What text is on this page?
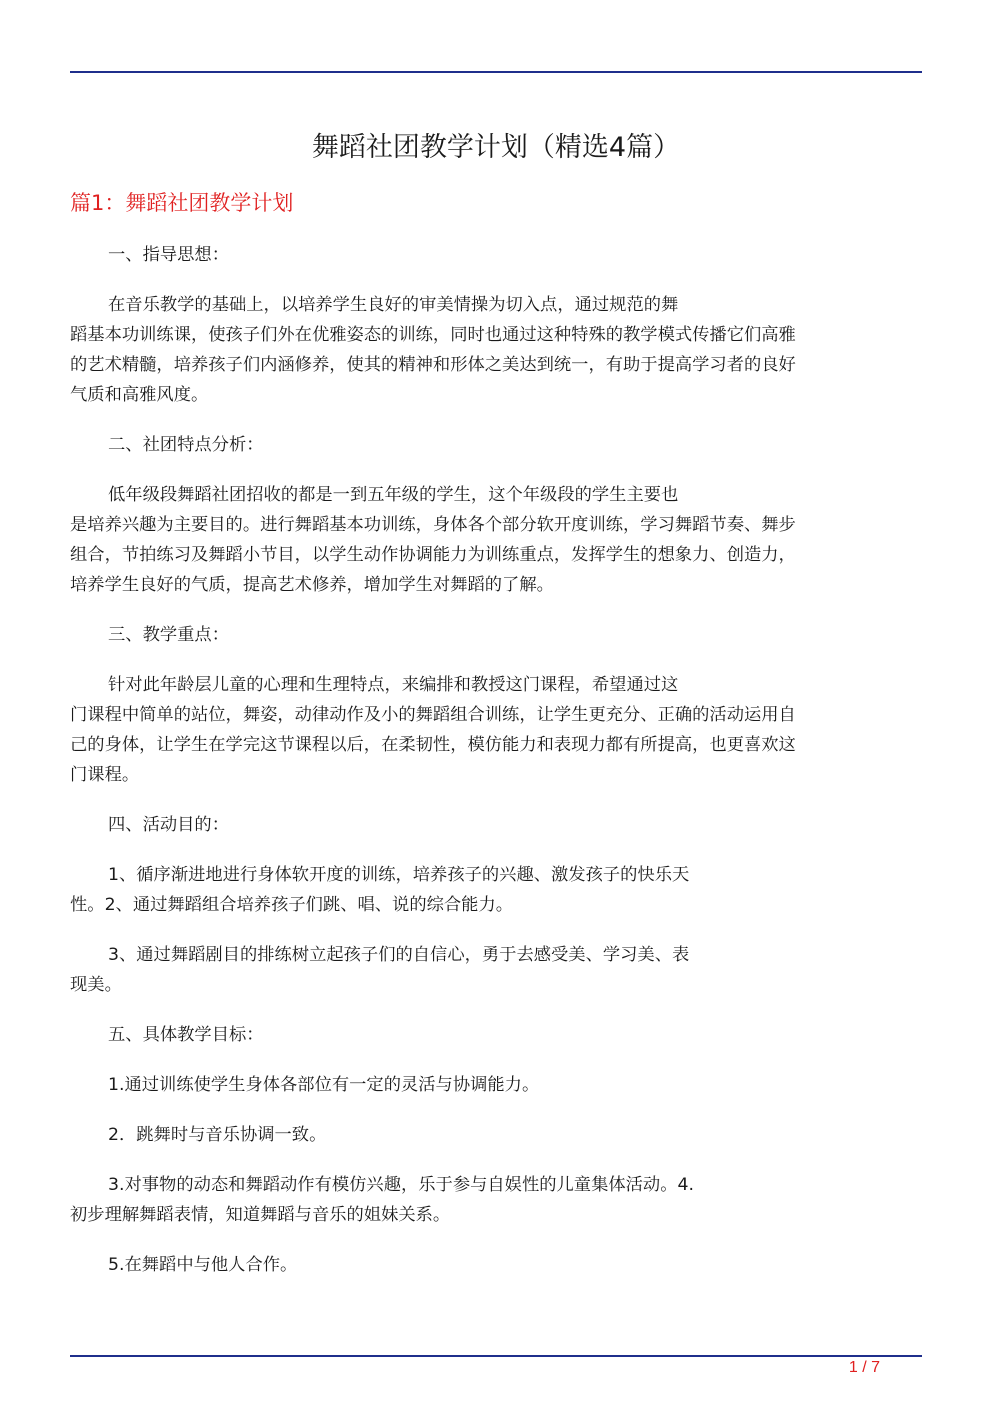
舞蹈社团教学计划（精选4篇）
篇1：舞蹈社团教学计划

一、指导思想：

在音乐教学的基础上，以培养学生良好的审美情操为切入点，通过规范的舞
蹈基本功训练课，使孩子们外在优雅姿态的训练，同时也通过这种特殊的教学模式传播它们高雅
的艺术精髓，培养孩子们内涵修养，使其的精神和形体之美达到统一，有助于提高学习者的良好
气质和高雅风度。

二、社团特点分析：

低年级段舞蹈社团招收的都是一到五年级的学生，这个年级段的学生主要也
是培养兴趣为主要目的。进行舞蹈基本功训练，身体各个部分软开度训练，学习舞蹈节奏、舞步
组合，节拍练习及舞蹈小节目，以学生动作协调能力为训练重点，发挥学生的想象力、创造力，
培养学生良好的气质，提高艺术修养，增加学生对舞蹈的了解。

三、教学重点：

针对此年龄层儿童的心理和生理特点，来编排和教授这门课程，希望通过这
门课程中简单的站位，舞姿，动律动作及小的舞蹈组合训练，让学生更充分、正确的活动运用自
己的身体，让学生在学完这节课程以后，在柔韧性，模仿能力和表现力都有所提高，也更喜欢这
门课程。

四、活动目的：

1、循序渐进地进行身体软开度的训练，培养孩子的兴趣、激发孩子的快乐天
性。2、通过舞蹈组合培养孩子们跳、唱、说的综合能力。

3、通过舞蹈剧目的排练树立起孩子们的自信心，勇于去感受美、学习美、表
现美。

五、具体教学目标：

1.通过训练使学生身体各部位有一定的灵活与协调能力。

2．跳舞时与音乐协调一致。

3.对事物的动态和舞蹈动作有模仿兴趣，乐于参与自娱性的儿童集体活动。4.
初步理解舞蹈表情，知道舞蹈与音乐的姐妹关系。

5.在舞蹈中与他人合作。

1 / 7
